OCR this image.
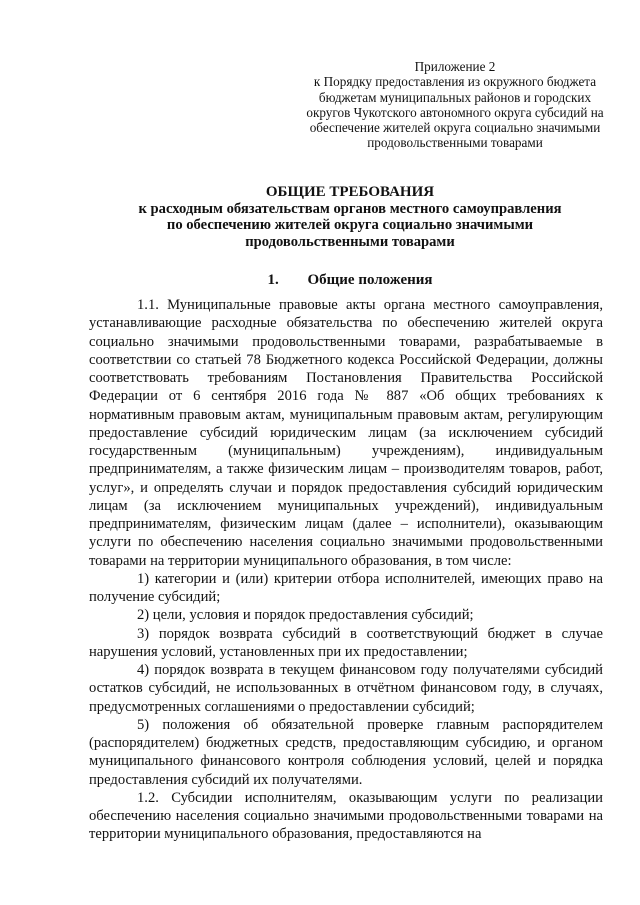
Приложение 2
к Порядку предоставления из окружного бюджета
бюджетам муниципальных районов и городских
округов Чукотского автономного округа субсидий на
обеспечение жителей округа социально значимыми
продовольственными товарами
ОБЩИЕ ТРЕБОВАНИЯ
к расходным обязательствам органов местного самоуправления
по обеспечению жителей округа социально значимыми
продовольственными товарами
1. Общие положения

1.1. Муниципальные правовые акты органа местного самоуправления, устанавливающие расходные обязательства по обеспечению жителей округа социально значимыми продовольственными товарами, разрабатываемые в соответствии со статьей 78 Бюджетного кодекса Российской Федерации, должны соответствовать требованиям Постановления Правительства Российской Федерации от 6 сентября 2016 года № 887 «Об общих требованиях к нормативным правовым актам, муниципальным правовым актам, регулирующим предоставление субсидий юридическим лицам (за исключением субсидий государственным (муниципальным) учреждениям), индивидуальным предпринимателям, а также физическим лицам – производителям товаров, работ, услуг», и определять случаи и порядок предоставления субсидий юридическим лицам (за исключением муниципальных учреждений), индивидуальным предпринимателям, физическим лицам (далее – исполнители), оказывающим услуги по обеспечению населения социально значимыми продовольственными товарами на территории муниципального образования, в том числе:

1) категории и (или) критерии отбора исполнителей, имеющих право на получение субсидий;

2) цели, условия и порядок предоставления субсидий;

3) порядок возврата субсидий в соответствующий бюджет в случае нарушения условий, установленных при их предоставлении;

4) порядок возврата в текущем финансовом году получателями субсидий остатков субсидий, не использованных в отчётном финансовом году, в случаях, предусмотренных соглашениями о предоставлении субсидий;

5) положения об обязательной проверке главным распорядителем (распорядителем) бюджетных средств, предоставляющим субсидию, и органом муниципального финансового контроля соблюдения условий, целей и порядка предоставления субсидий их получателями.

1.2. Субсидии исполнителям, оказывающим услуги по реализации обеспечению населения социально значимыми продовольственными товарами на территории муниципального образования, предоставляются на
